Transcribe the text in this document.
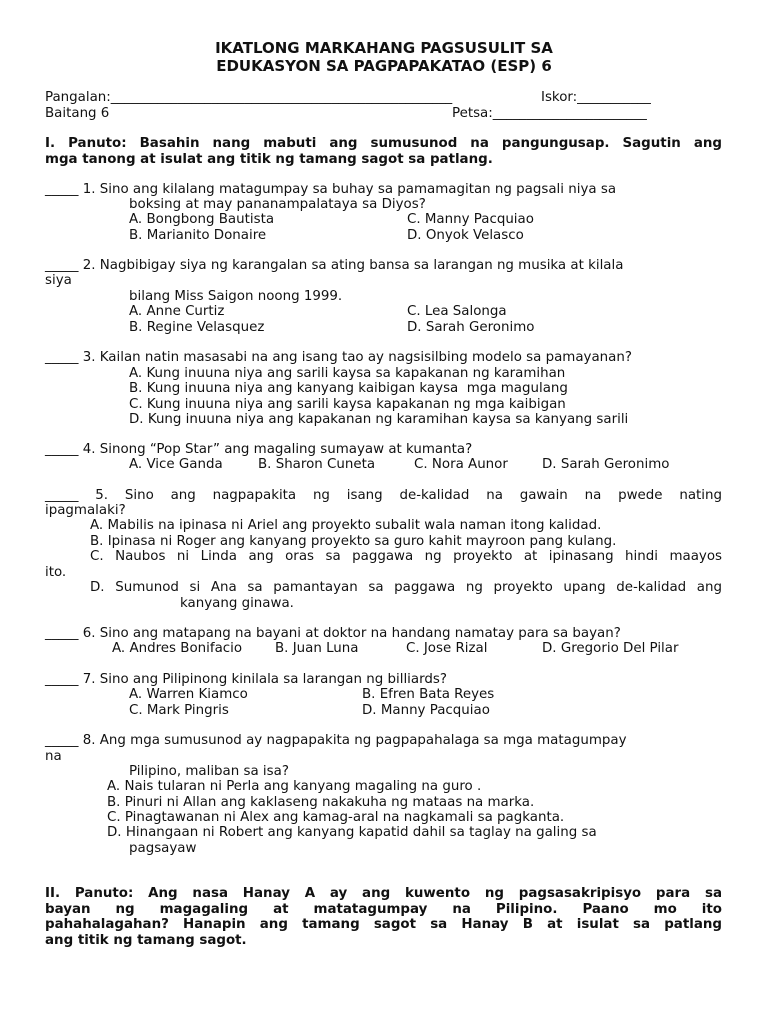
IKATLONG MARKAHANG PAGSUSULIT SA
EDUKASYON SA PAGPAPAKATAO (ESP) 6
Pangalan:___________________________________________________	Iskor:___________
Baitang 6	Petsa:_______________________
I. Panuto: Basahin nang mabuti ang sumusunod na pangungusap. Sagutin ang
mga tanong at isulat ang titik ng tamang sagot sa patlang.
_____ 1. Sino ang kilalang matagumpay sa buhay sa pamamagitan ng pagsali niya sa
boksing at may pananampalataya sa Diyos?
A. Bongbong Bautista	C. Manny Pacquiao
B. Marianito Donaire	D. Onyok Velasco
_____ 2. Nagbibigay siya ng karangalan sa ating bansa sa larangan ng musika at kilala
siya
bilang Miss Saigon noong 1999.
A. Anne Curtiz	C. Lea Salonga
B. Regine Velasquez	D. Sarah Geronimo
_____ 3. Kailan natin masasabi na ang isang tao ay nagsisilbing modelo sa pamayanan?
A. Kung inuuna niya ang sarili kaysa sa kapakanan ng karamihan
B. Kung inuuna niya ang kanyang kaibigan kaysa  mga magulang
C. Kung inuuna niya ang sarili kaysa kapakanan ng mga kaibigan
D. Kung inuuna niya ang kapakanan ng karamihan kaysa sa kanyang sarili
_____ 4. Sinong “Pop Star” ang magaling sumayaw at kumanta?
A. Vice Ganda	B. Sharon Cuneta	C. Nora Aunor	D. Sarah Geronimo
_____ 5. Sino ang nagpapakita ng isang de-kalidad na gawain na pwede nating
ipagmalaki?
A. Mabilis na ipinasa ni Ariel ang proyekto subalit wala naman itong kalidad.
B. Ipinasa ni Roger ang kanyang proyekto sa guro kahit mayroon pang kulang.
C. Naubos ni Linda ang oras sa paggawa ng proyekto at ipinasang hindi maayos
ito.
D. Sumunod si Ana sa pamantayan sa paggawa ng proyekto upang de-kalidad ang
kanyang ginawa.
_____ 6. Sino ang matapang na bayani at doktor na handang namatay para sa bayan?
A. Andres Bonifacio B. Juan Luna	C. Jose Rizal	D. Gregorio Del Pilar
_____ 7. Sino ang Pilipinong kinilala sa larangan ng billiards?
A. Warren Kiamco	B. Efren Bata Reyes
C. Mark Pingris	D. Manny Pacquiao
_____ 8. Ang mga sumusunod ay nagpapakita ng pagpapahalaga sa mga matagumpay
na
Pilipino, maliban sa isa?
A. Nais tularan ni Perla ang kanyang magaling na guro .
B. Pinuri ni Allan ang kaklaseng nakakuha ng mataas na marka.
C. Pinagtawanan ni Alex ang kamag-aral na nagkamali sa pagkanta.
D. Hinangaan ni Robert ang kanyang kapatid dahil sa taglay na galing sa
pagsayaw
II. Panuto: Ang nasa Hanay A ay ang kuwento ng pagsasakripisyo para sa
bayan ng magagaling at matatagumpay na Pilipino. Paano mo ito
pahahalagahan? Hanapin ang tamang sagot sa Hanay B at isulat sa patlang
ang titik ng tamang sagot.
